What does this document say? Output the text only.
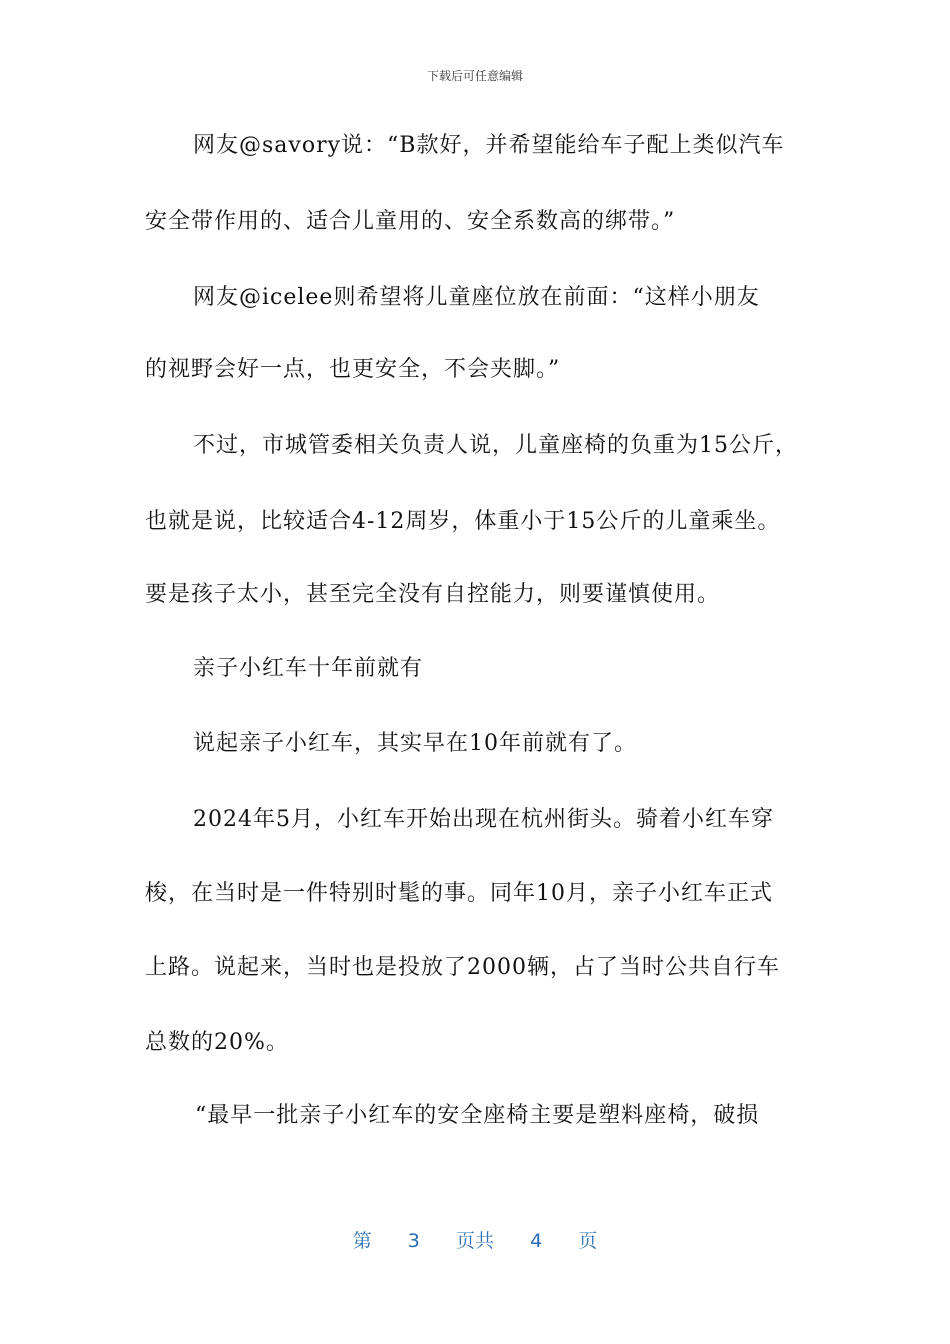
下载后可任意编辑
网友@savory说：“B款好，并希望能给车子配上类似汽车
安全带作用的、适合儿童用的、安全系数高的绑带。”
网友@icelee则希望将儿童座位放在前面：“这样小朋友
的视野会好一点，也更安全，不会夹脚。”
不过，市城管委相关负责人说，儿童座椅的负重为15公斤，
也就是说，比较适合4-12周岁，体重小于15公斤的儿童乘坐。
要是孩子太小，甚至完全没有自控能力，则要谨慎使用。
亲子小红车十年前就有
说起亲子小红车，其实早在10年前就有了。
2024年5月，小红车开始出现在杭州街头。骑着小红车穿
梭，在当时是一件特别时髦的事。同年10月，亲子小红车正式
上路。说起来，当时也是投放了2000辆，占了当时公共自行车
总数的20%。
“最早一批亲子小红车的安全座椅主要是塑料座椅，破损
第 3 页共 4 页
